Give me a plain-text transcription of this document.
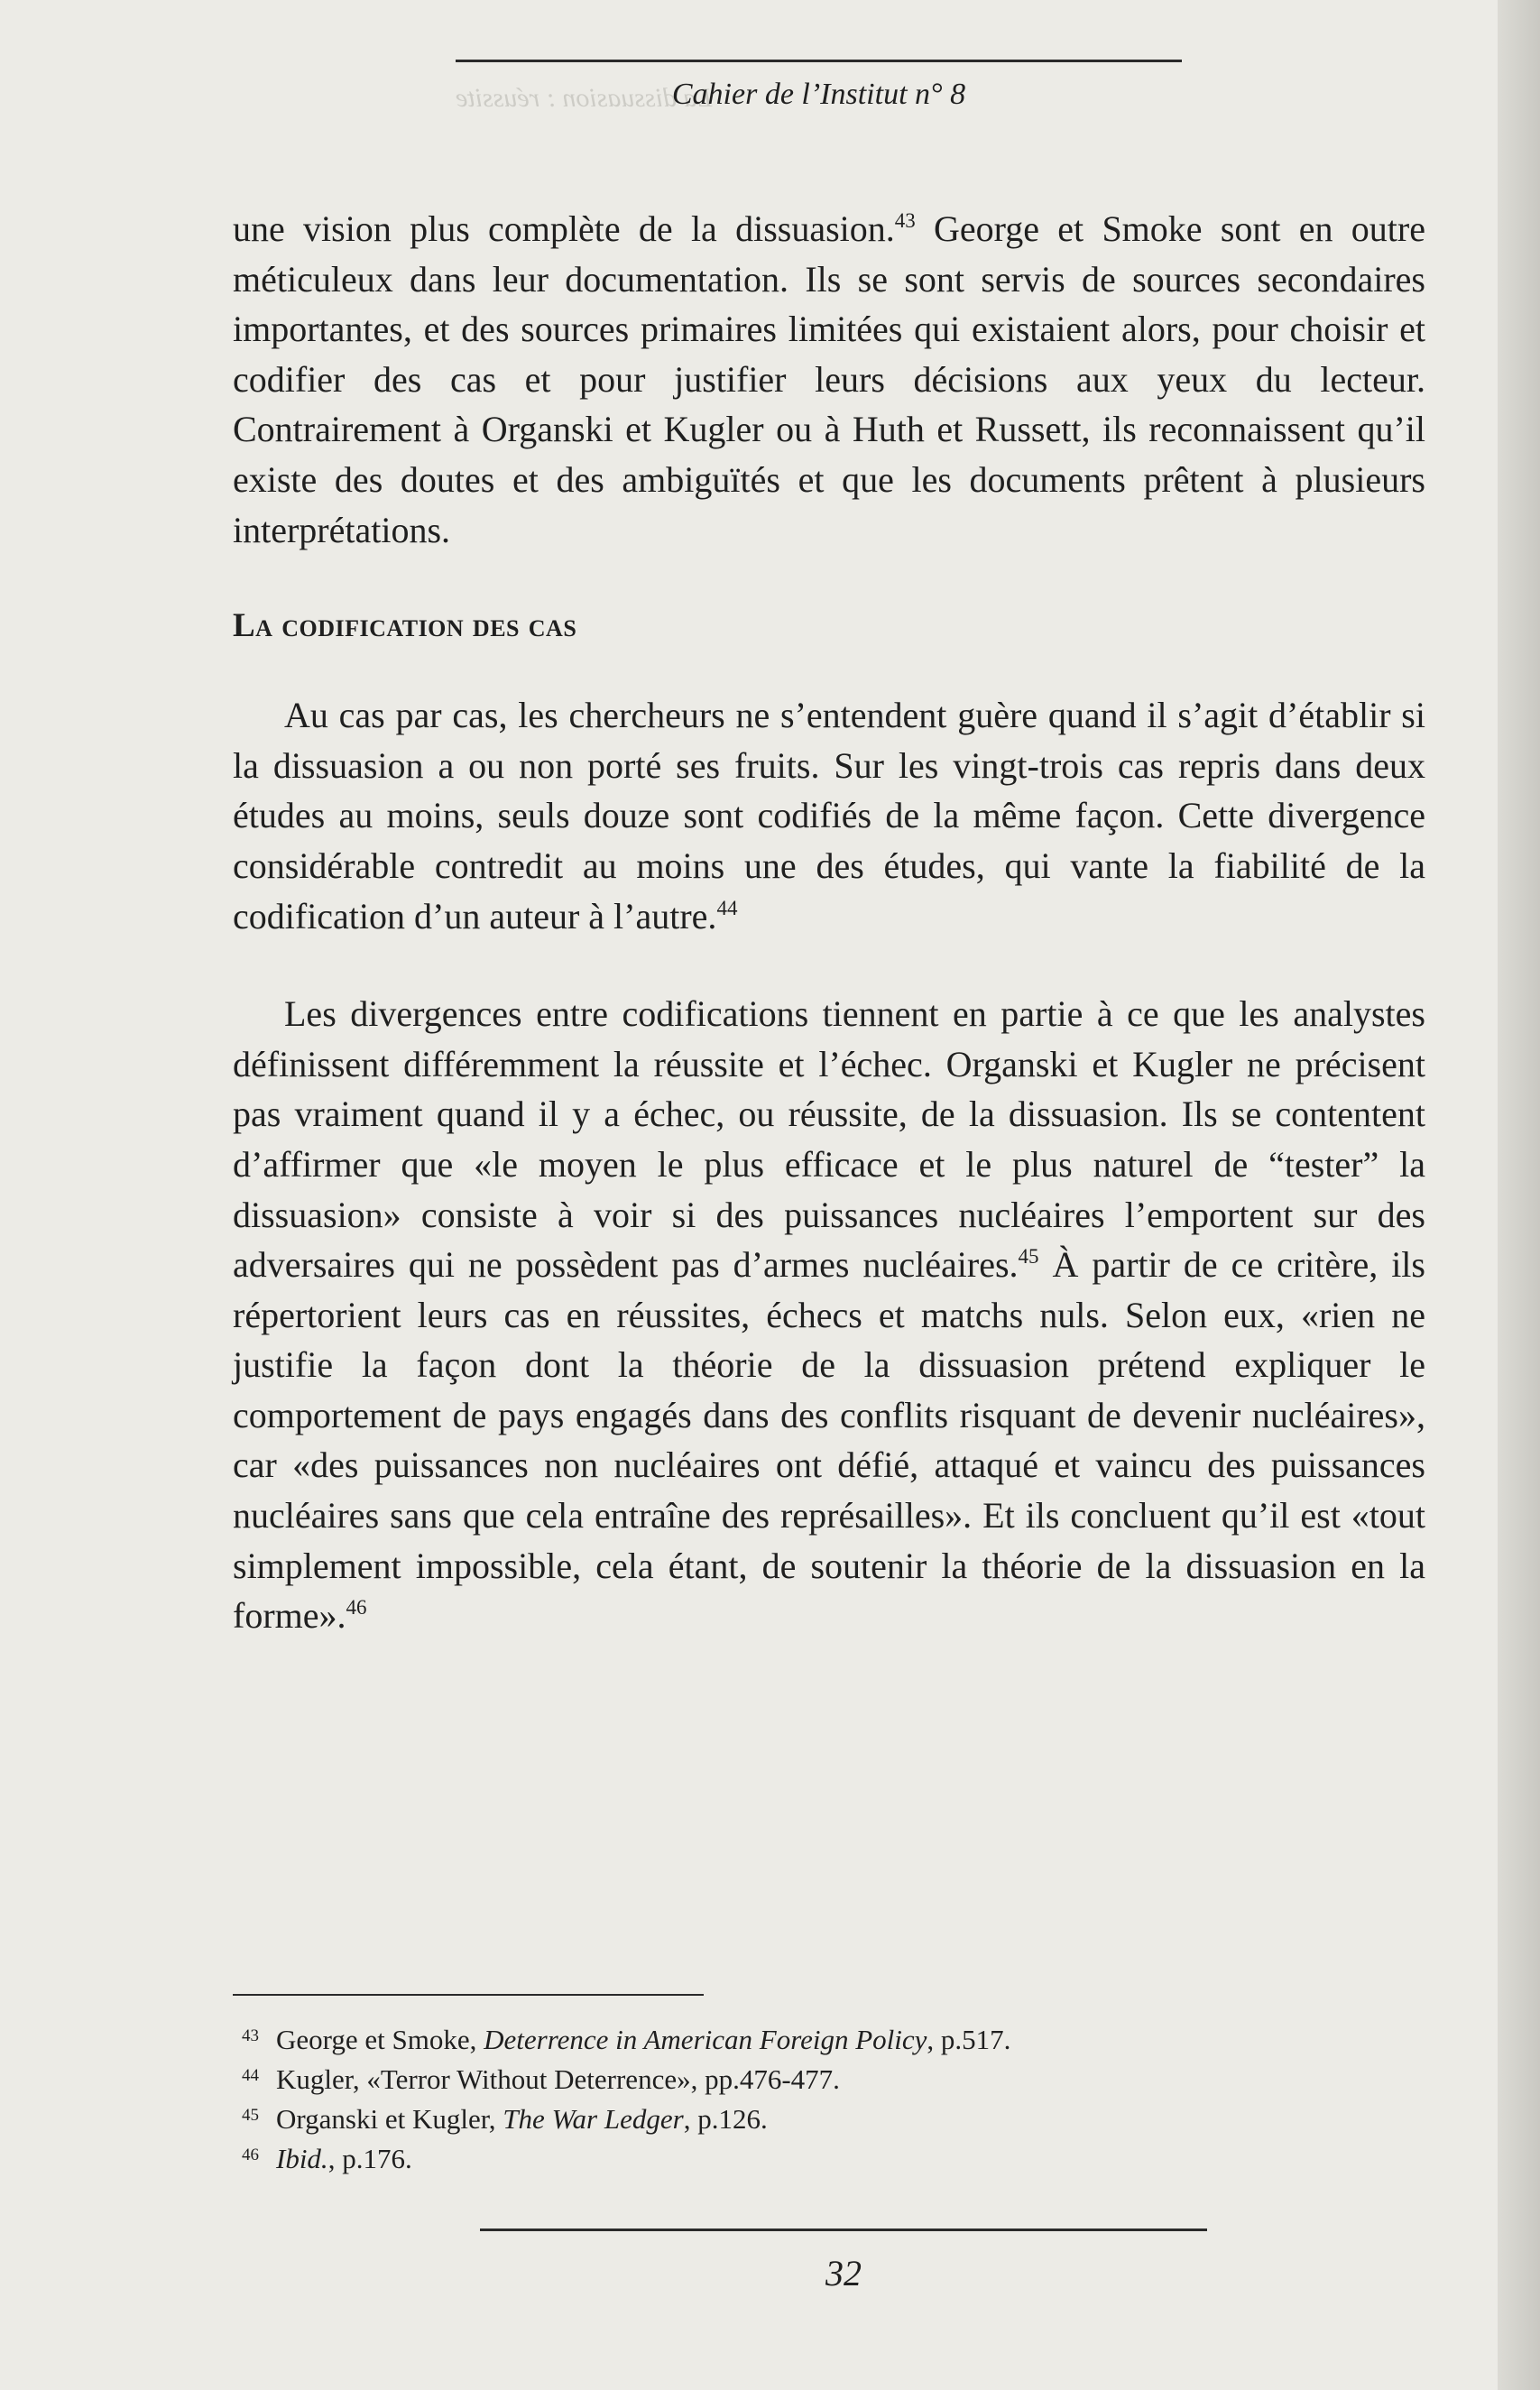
La dissuasion : réussite
Cahier de l’Institut n° 8

une vision plus complète de la dissuasion.$^{43}$ George et Smoke sont en outre méticuleux dans leur documentation. Ils se sont servis de sources secondaires importantes, et des sources primaires limitées qui existaient alors, pour choisir et codifier des cas et pour justifier leurs décisions aux yeux du lecteur. Contrairement à Organski et Kugler ou à Huth et Russett, ils reconnaissent qu’il existe des doutes et des ambiguïtés et que les documents prêtent à plusieurs interprétations.

La codification des cas

Au cas par cas, les chercheurs ne s’entendent guère quand il s’agit d’établir si la dissuasion a ou non porté ses fruits. Sur les vingt-trois cas repris dans deux études au moins, seuls douze sont codifiés de la même façon. Cette divergence considérable contredit au moins une des études, qui vante la fiabilité de la codification d’un auteur à l’autre.$^{44}$

Les divergences entre codifications tiennent en partie à ce que les analystes définissent différemment la réussite et l’échec. Organski et Kugler ne précisent pas vraiment quand il y a échec, ou réussite, de la dissuasion. Ils se contentent d’affirmer que «le moyen le plus efficace et le plus naturel de “tester” la dissuasion» consiste à voir si des puissances nucléaires l’emportent sur des adversaires qui ne possèdent pas d’armes nucléaires.$^{45}$ À partir de ce critère, ils répertorient leurs cas en réussites, échecs et matchs nuls. Selon eux, «rien ne justifie la façon dont la théorie de la dissuasion prétend expliquer le comportement de pays engagés dans des conflits risquant de devenir nucléaires», car «des puissances non nucléaires ont défié, attaqué et vaincu des puissances nucléaires sans que cela entraîne des représailles». Et ils concluent qu’il est «tout simplement impossible, cela étant, de soutenir la théorie de la dissuasion en la forme».$^{46}$

43 George et Smoke, Deterrence in American Foreign Policy, p.517.
44 Kugler, «Terror Without Deterrence», pp.476-477.
45 Organski et Kugler, The War Ledger, p.126.
46 Ibid., p.176.
32
